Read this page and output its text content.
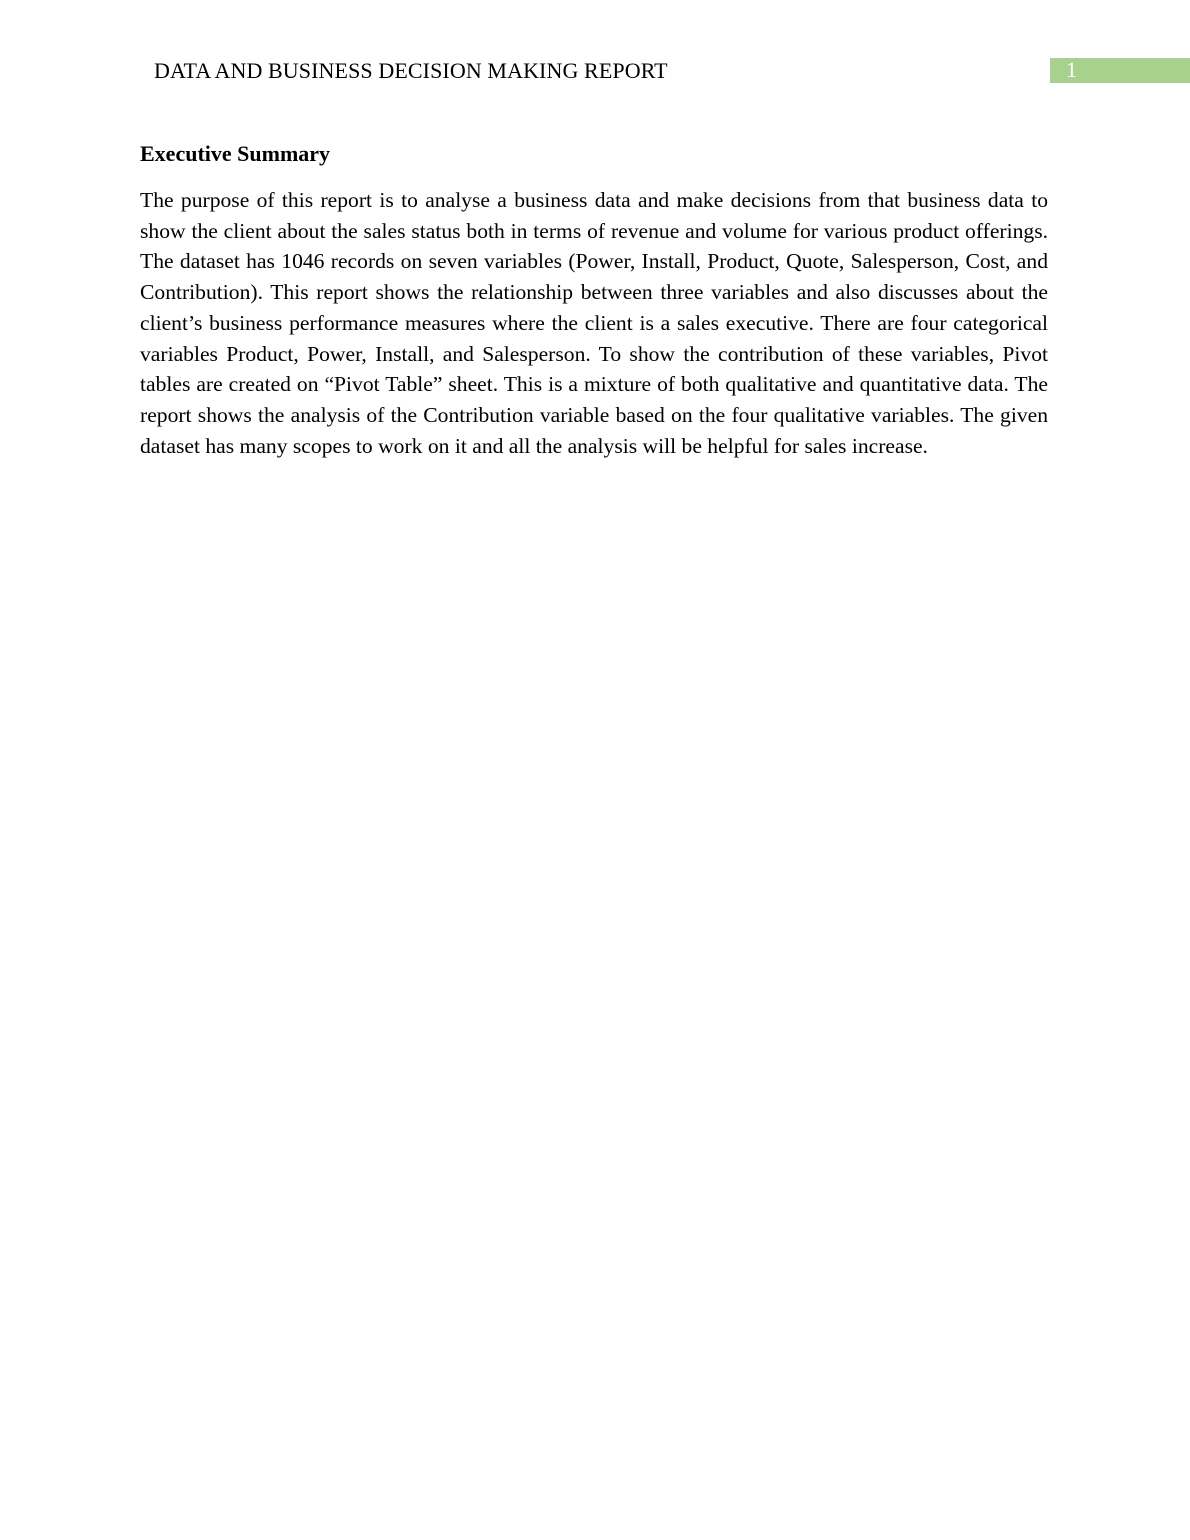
DATA AND BUSINESS DECISION MAKING REPORT	1
Executive Summary

The purpose of this report is to analyse a business data and make decisions from that business data to show the client about the sales status both in terms of revenue and volume for various product offerings. The dataset has 1046 records on seven variables (Power, Install, Product, Quote, Salesperson, Cost, and Contribution). This report shows the relationship between three variables and also discusses about the client’s business performance measures where the client is a sales executive. There are four categorical variables Product, Power, Install, and Salesperson. To show the contribution of these variables, Pivot tables are created on “Pivot Table” sheet. This is a mixture of both qualitative and quantitative data. The report shows the analysis of the Contribution variable based on the four qualitative variables. The given dataset has many scopes to work on it and all the analysis will be helpful for sales increase.
